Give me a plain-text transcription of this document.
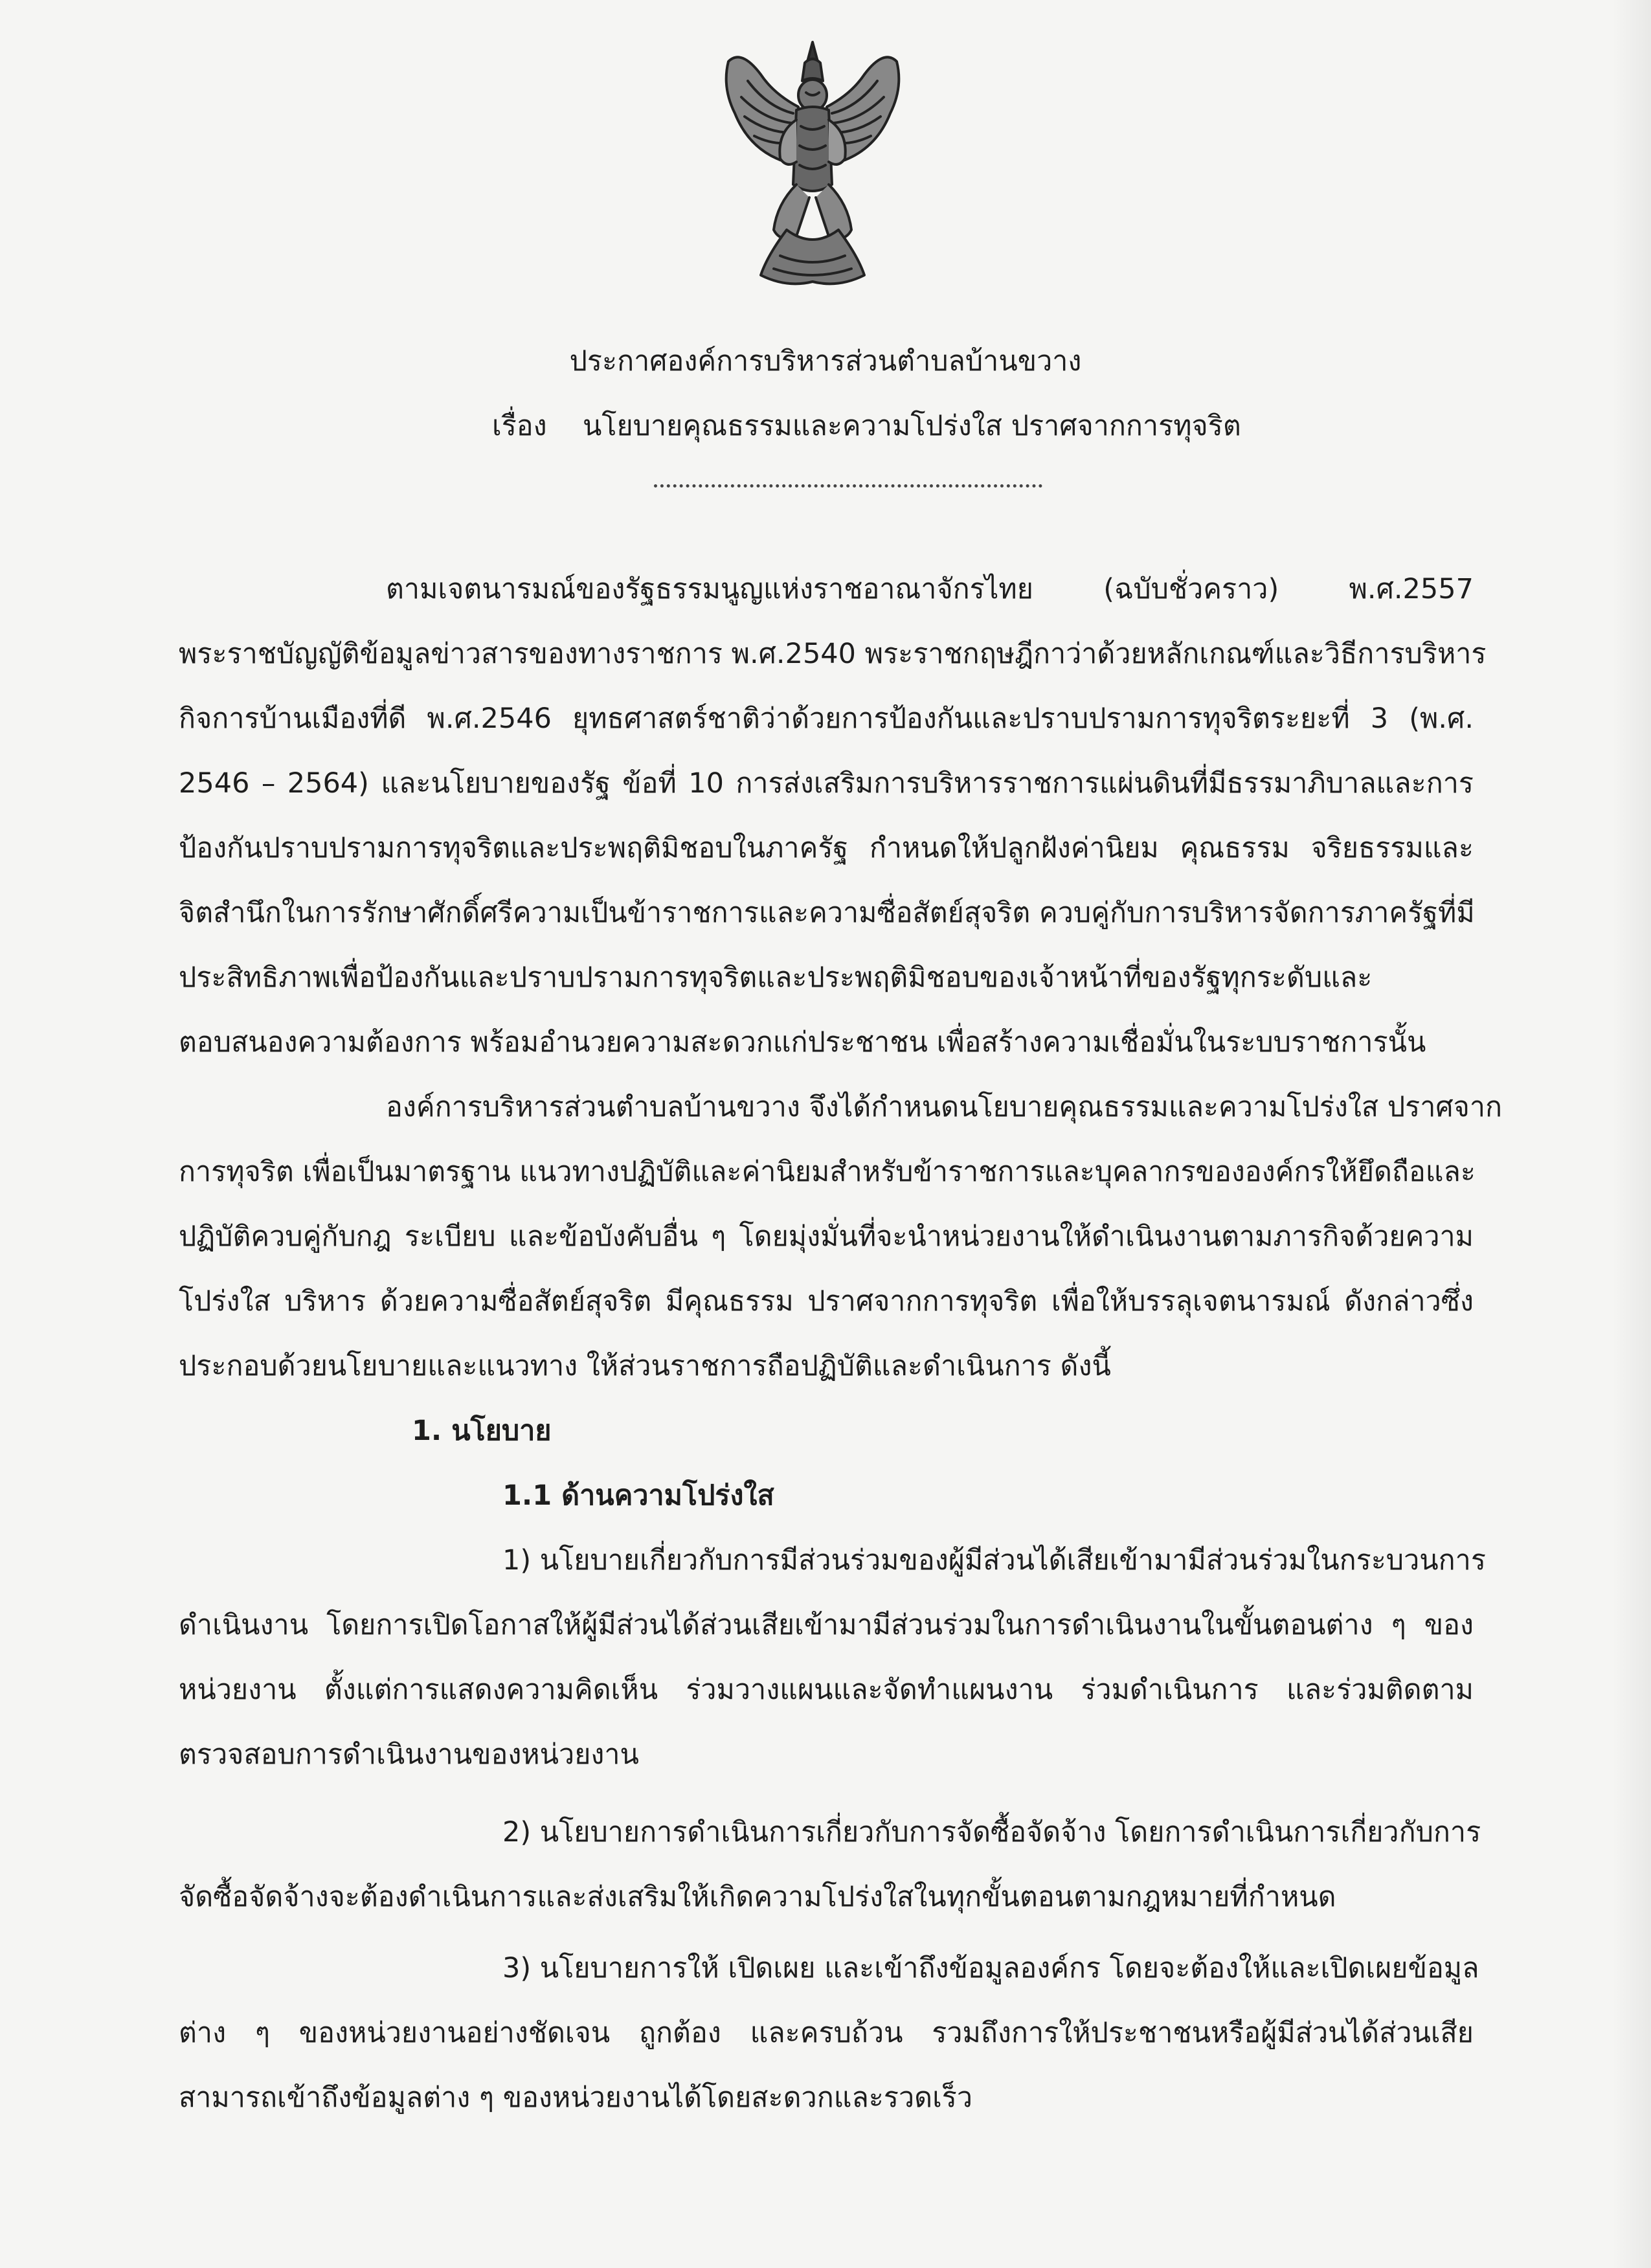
ประกาศองค์การบริหารส่วนตำบลบ้านขวาง
เรื่อง นโยบายคุณธรรมและความโปร่งใส ปราศจากการทุจริต
ตามเจตนารมณ์ของรัฐธรรมนูญแห่งราชอาณาจักรไทย (ฉบับชั่วคราว) พ.ศ.2557
พระราชบัญญัติข้อมูลข่าวสารของทางราชการ พ.ศ.2540 พระราชกฤษฎีกาว่าด้วยหลักเกณฑ์และวิธีการบริหาร
กิจการบ้านเมืองที่ดี พ.ศ.2546 ยุทธศาสตร์ชาติว่าด้วยการป้องกันและปราบปรามการทุจริตระยะที่ 3 (พ.ศ.
2546 – 2564) และนโยบายของรัฐ ข้อที่ 10 การส่งเสริมการบริหารราชการแผ่นดินที่มีธรรมาภิบาลและการ
ป้องกันปราบปรามการทุจริตและประพฤติมิชอบในภาครัฐ กำหนดให้ปลูกฝังค่านิยม คุณธรรม จริยธรรมและ
จิตสำนึกในการรักษาศักดิ์ศรีความเป็นข้าราชการและความซื่อสัตย์สุจริต ควบคู่กับการบริหารจัดการภาครัฐที่มี
ประสิทธิภาพเพื่อป้องกันและปราบปรามการทุจริตและประพฤติมิชอบของเจ้าหน้าที่ของรัฐทุกระดับและ
ตอบสนองความต้องการ พร้อมอำนวยความสะดวกแก่ประชาชน เพื่อสร้างความเชื่อมั่นในระบบราชการนั้น
องค์การบริหารส่วนตำบลบ้านขวาง จึงได้กำหนดนโยบายคุณธรรมและความโปร่งใส ปราศจาก
การทุจริต เพื่อเป็นมาตรฐาน แนวทางปฏิบัติและค่านิยมสำหรับข้าราชการและบุคลากรขององค์กรให้ยึดถือและ
ปฏิบัติควบคู่กับกฎ ระเบียบ และข้อบังคับอื่น ๆ โดยมุ่งมั่นที่จะนำหน่วยงานให้ดำเนินงานตามภารกิจด้วยความ
โปร่งใส บริหาร ด้วยความซื่อสัตย์สุจริต มีคุณธรรม ปราศจากการทุจริต เพื่อให้บรรลุเจตนารมณ์ ดังกล่าวซึ่ง
ประกอบด้วยนโยบายและแนวทาง ให้ส่วนราชการถือปฏิบัติและดำเนินการ ดังนี้
1. นโยบาย
1.1 ด้านความโปร่งใส
1) นโยบายเกี่ยวกับการมีส่วนร่วมของผู้มีส่วนได้เสียเข้ามามีส่วนร่วมในกระบวนการ
ดำเนินงาน โดยการเปิดโอกาสให้ผู้มีส่วนได้ส่วนเสียเข้ามามีส่วนร่วมในการดำเนินงานในขั้นตอนต่าง ๆ ของ
หน่วยงาน ตั้งแต่การแสดงความคิดเห็น ร่วมวางแผนและจัดทำแผนงาน ร่วมดำเนินการ และร่วมติดตาม
ตรวจสอบการดำเนินงานของหน่วยงาน
2) นโยบายการดำเนินการเกี่ยวกับการจัดซื้อจัดจ้าง โดยการดำเนินการเกี่ยวกับการ
จัดซื้อจัดจ้างจะต้องดำเนินการและส่งเสริมให้เกิดความโปร่งใสในทุกขั้นตอนตามกฎหมายที่กำหนด
3) นโยบายการให้ เปิดเผย และเข้าถึงข้อมูลองค์กร โดยจะต้องให้และเปิดเผยข้อมูล
ต่าง ๆ ของหน่วยงานอย่างชัดเจน ถูกต้อง และครบถ้วน รวมถึงการให้ประชาชนหรือผู้มีส่วนได้ส่วนเสีย
สามารถเข้าถึงข้อมูลต่าง ๆ ของหน่วยงานได้โดยสะดวกและรวดเร็ว
